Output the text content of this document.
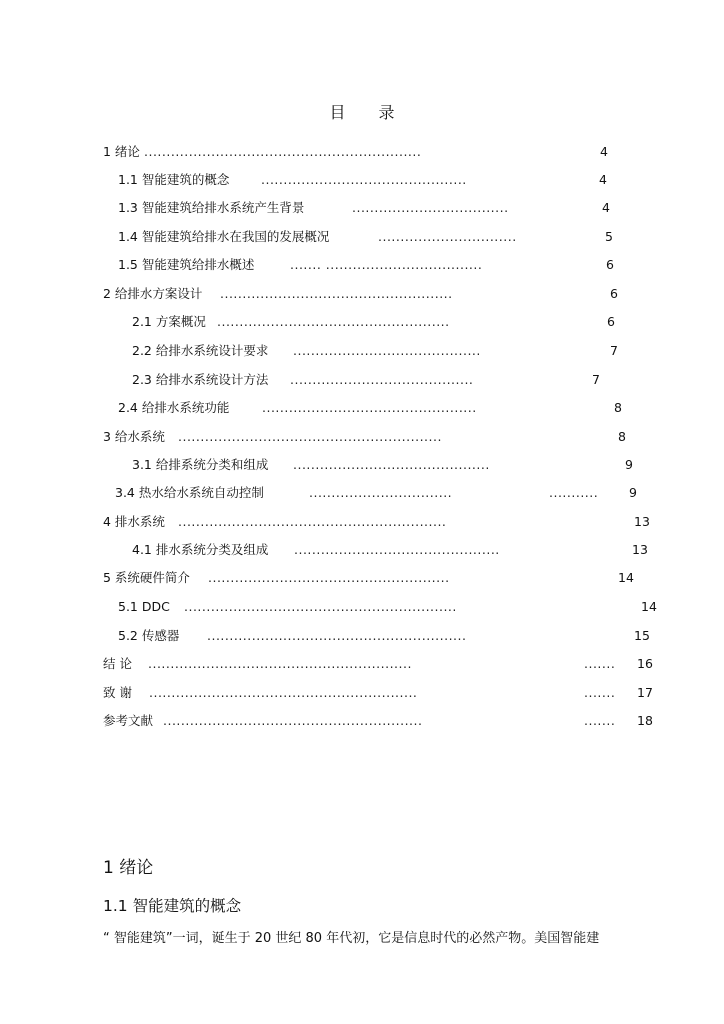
目 录
1 绪论 ..............................................................	4
1.1 智能建筑的概念	..............................................	4
1.3 智能建筑给排水系统产生背景	...................................	4
1.4 智能建筑给排水在我国的发展概况	...............................	5
1.5 智能建筑给排水概述	....... ...................................	6
2 给排水方案设计 ....................................................	6
2.1 方案概况 ....................................................	6
2.2 给排水系统设计要求 ..........................................	7
2.3 给排水系统设计方法 .........................................	7
2.4 给排水系统功能	................................................	8
3 给水系统 ...........................................................	8
3.1 给排系统分类和组成 ............................................	9
3.4 热水给水系统自动控制	................................	........... 9
4 排水系统 ............................................................	13
4.1 排水系统分类及组成 ..............................................	13
5 系统硬件简介 ......................................................	14
5.1 DDC .............................................................	14
5.2 传感器 ..........................................................	15
结 论 ...........................................................	....... 16
致 谢 ............................................................	....... 17
参考文献 ..........................................................	....... 18
1 绪论
1.1 智能建筑的概念
“ 智能建筑”一词，诞生于 20 世纪 80 年代初，它是信息时代的必然产物。美国智能建
